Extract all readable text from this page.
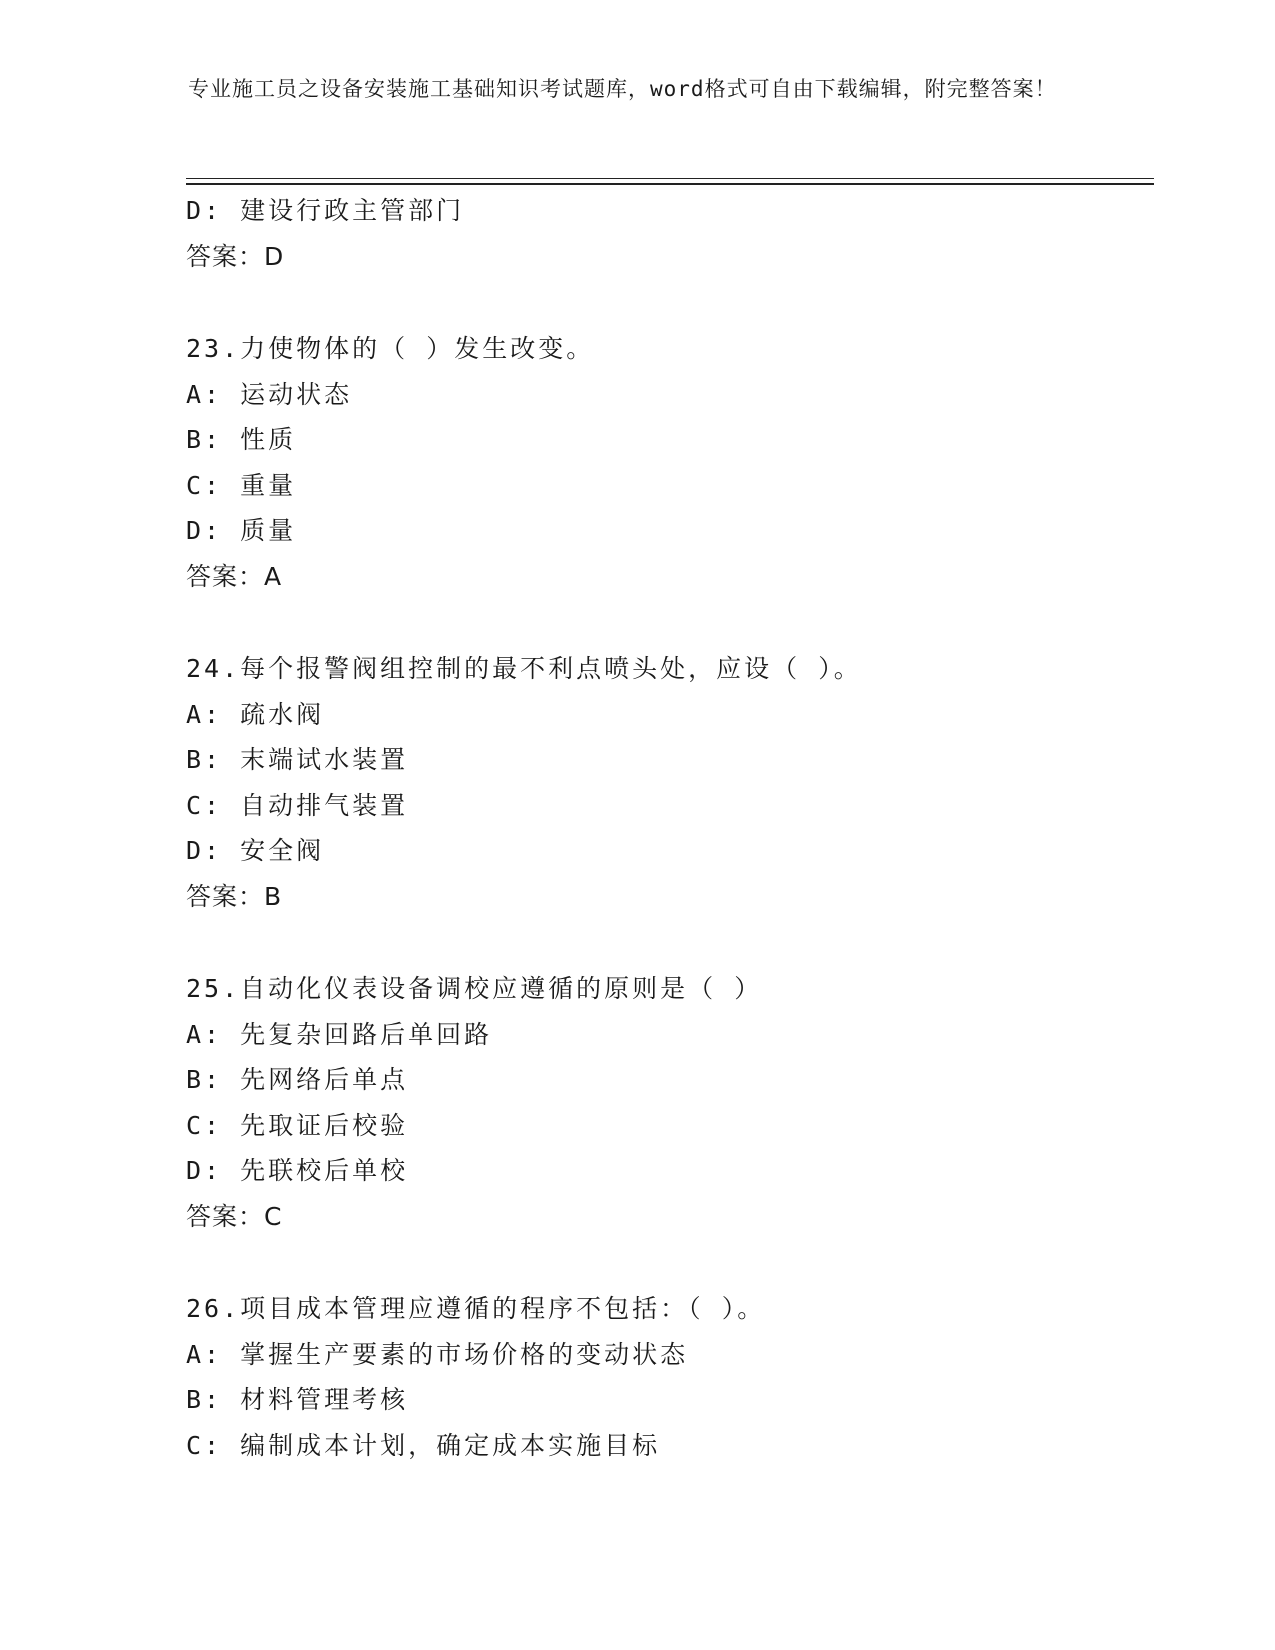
专业施工员之设备安装施工基础知识考试题库，word格式可自由下载编辑，附完整答案！
D: 建设行政主管部门
答案：D
23.力使物体的（ ）发生改变。
A: 运动状态
B: 性质
C: 重量
D: 质量
答案：A
24.每个报警阀组控制的最不利点喷头处，应设（ ）。
A: 疏水阀
B: 末端试水装置
C: 自动排气装置
D: 安全阀
答案：B
25.自动化仪表设备调校应遵循的原则是（ ）
A: 先复杂回路后单回路
B: 先网络后单点
C: 先取证后校验
D: 先联校后单校
答案：C
26.项目成本管理应遵循的程序不包括：（ ）。
A: 掌握生产要素的市场价格的变动状态
B: 材料管理考核
C: 编制成本计划，确定成本实施目标
